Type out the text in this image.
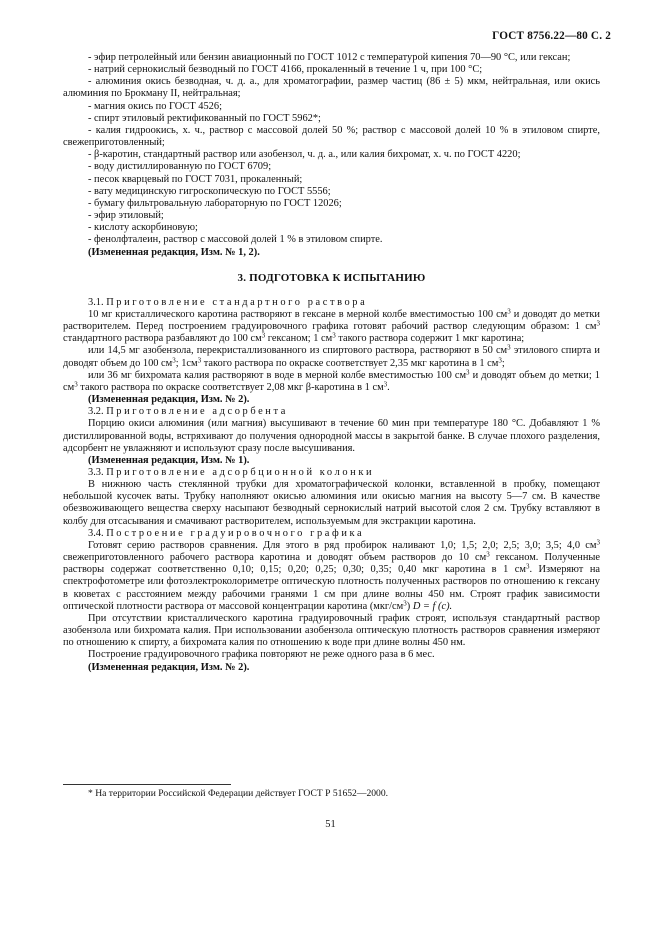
ГОСТ 8756.22—80 С. 2

- эфир петролейный или бензин авиационный по ГОСТ 1012 с температурой кипения 70—90 °С, или гексан;

- натрий сернокислый безводный по ГОСТ 4166, прокаленный в течение 1 ч, при 100 °С;

- алюминия окись безводная, ч. д. а., для хроматографии, размер частиц (86 ± 5) мкм, нейтральная, или окись алюминия по Брокману II, нейтральная;

- магния окись по ГОСТ 4526;

- спирт этиловый ректификованный по ГОСТ 5962*;

- калия гидроокись, х. ч., раствор с массовой долей 50 %; раствор с массовой долей 10 % в этиловом спирте, свежеприготовленный;

- β-каротин, стандартный раствор или азобензол, ч. д. а., или калия бихромат, х. ч. по ГОСТ 4220;

- воду дистиллированную по ГОСТ 6709;

- песок кварцевый по ГОСТ 7031, прокаленный;

- вату медицинскую гигроскопическую по ГОСТ 5556;

- бумагу фильтровальную лабораторную по ГОСТ 12026;

- эфир этиловый;

- кислоту аскорбиновую;

- фенолфталеин, раствор с массовой долей 1 % в этиловом спирте.

(Измененная редакция, Изм. № 1, 2).

3. ПОДГОТОВКА К ИСПЫТАНИЮ

3.1. Приготовление стандартного раствора

10 мг кристаллического каротина растворяют в гексане в мерной колбе вместимостью 100 $см^3$ и доводят до метки растворителем. Перед построением градуировочного графика готовят рабочий раствор следующим образом: 1 $см^3$ стандартного раствора разбавляют до 100 $см^3$ гексаном; 1 $см^3$ такого раствора содержит 1 мкг каротина;

или 14,5 мг азобензола, перекристаллизованного из спиртового раствора, растворяют в 50 $см^3$ этилового спирта и доводят объем до 100 $см^3$; $1см^3$ такого раствора по окраске соответствует 2,35 мкг каротина в 1 $см^3$;

или 36 мг бихромата калия растворяют в воде в мерной колбе вместимостью 100 $см^3$ и доводят объем до метки; 1 $см^3$ такого раствора по окраске соответствует 2,08 мкг β-каротина в 1 $см^3$.

(Измененная редакция, Изм. № 2).

3.2. Приготовление адсорбента

Порцию окиси алюминия (или магния) высушивают в течение 60 мин при температуре 180 °С. Добавляют 1 % дистиллированной воды, встряхивают до получения однородной массы в закрытой банке. В случае плохого разделения, адсорбент не увлажняют и используют сразу после высушивания.

(Измененная редакция, Изм. № 1).

3.3. Приготовление адсорбционной колонки

В нижнюю часть стеклянной трубки для хроматографической колонки, вставленной в пробку, помещают небольшой кусочек ваты. Трубку наполняют окисью алюминия или окисью магния на высоту 5—7 см. В качестве обезвоживающего вещества сверху насыпают безводный сернокислый натрий высотой слоя 2 см. Трубку вставляют в колбу для отсасывания и смачивают растворителем, используемым для экстракции каротина.

3.4. Построение градуировочного графика

Готовят серию растворов сравнения. Для этого в ряд пробирок наливают 1,0; 1,5; 2,0; 2,5; 3,0; 3,5; 4,0 $см^3$ свежеприготовленного рабочего раствора каротина и доводят объем растворов до 10 $см^3$ гексаном. Полученные растворы содержат соответственно 0,10; 0,15; 0,20; 0,25; 0,30; 0,35; 0,40 мкг каротина в 1 $см^3$. Измеряют на спектрофотометре или фотоэлектроколориметре оптическую плотность полученных растворов по отношению к гексану в кюветах с расстоянием между рабочими гранями 1 см при длине волны 450 нм. Строят график зависимости оптической плотности раствора от массовой концентрации каротина $(мкг/см^3) D = f$ (c).

При отсутствии кристаллического каротина градуировочный график строят, используя стандартный раствор азобензола или бихромата калия. При использовании азобензола оптическую плотность растворов сравнения измеряют по отношению к спирту, а бихромата калия по отношению к воде при длине волны 450 нм.

Построение градуировочного графика повторяют не реже одного раза в 6 мес.

(Измененная редакция, Изм. № 2).

* На территории Российской Федерации действует ГОСТ Р 51652—2000.
51
